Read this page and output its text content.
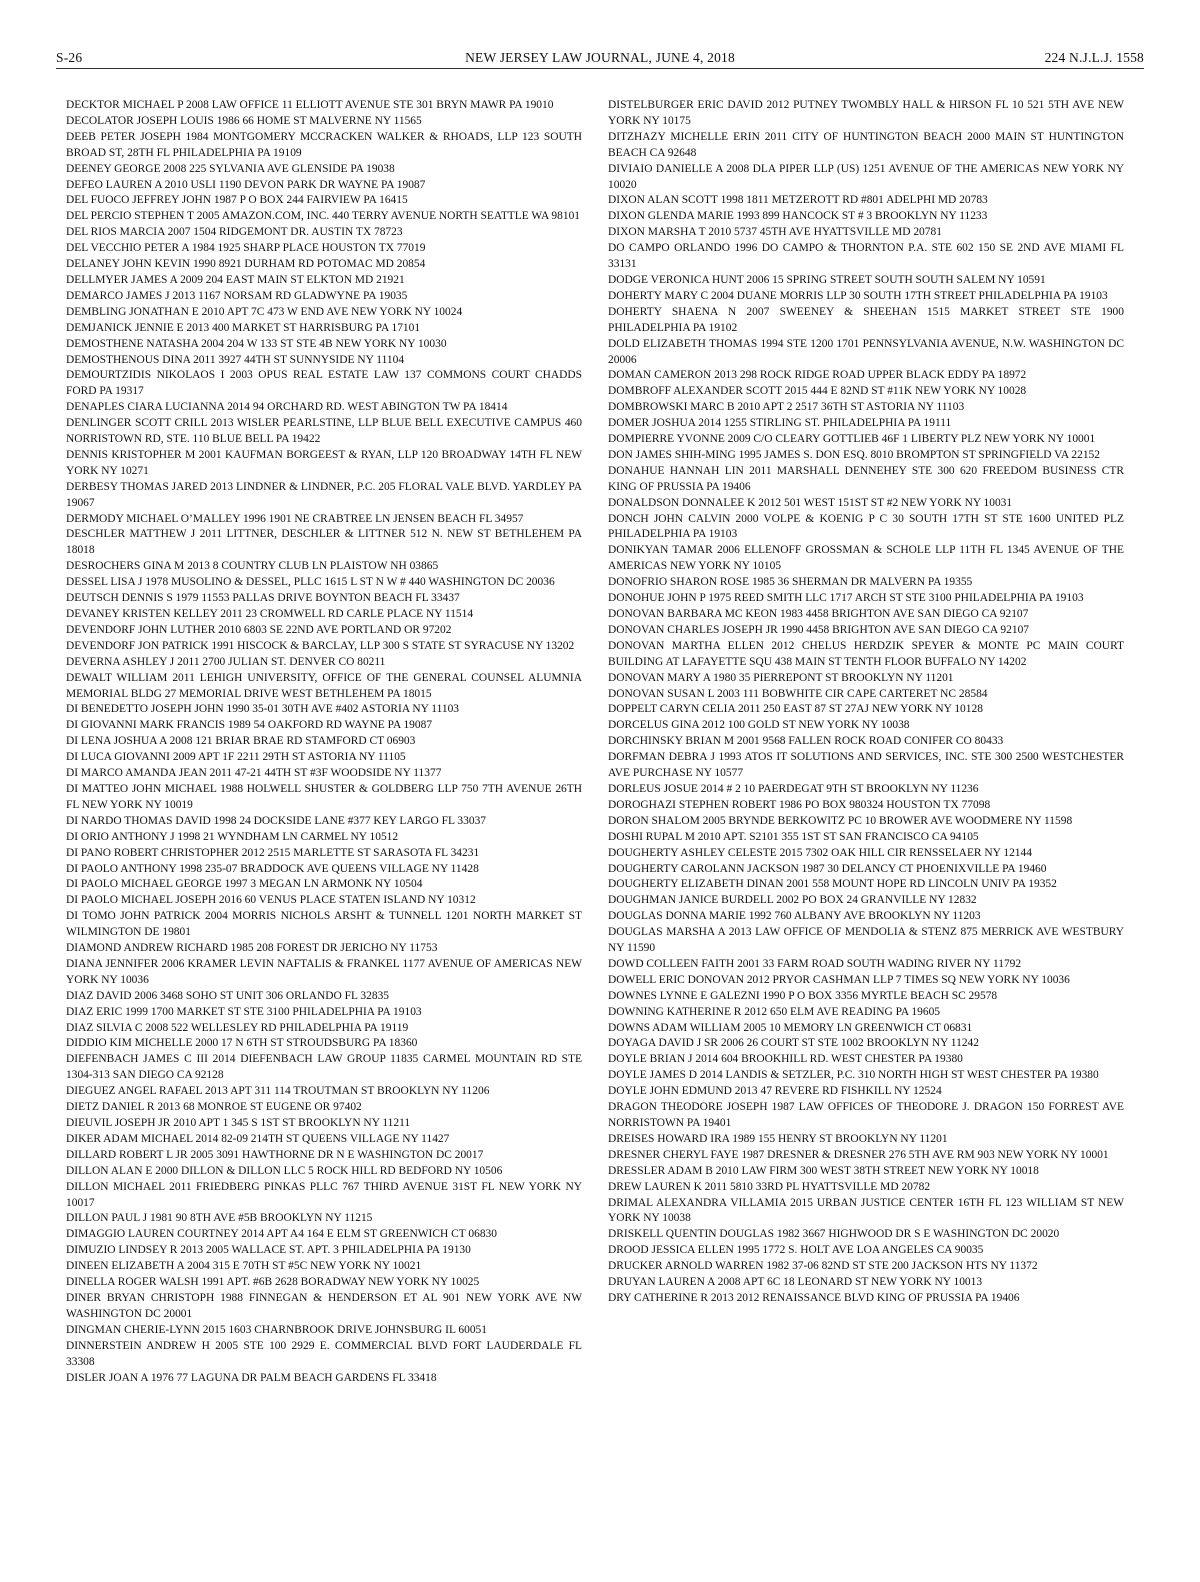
S-26	NEW JERSEY LAW JOURNAL, JUNE 4, 2018	224 N.J.L.J. 1558

DECKTOR MICHAEL P 2008 LAW OFFICE 11 ELLIOTT AVENUE STE 301 BRYN MAWR PA 19010

DECOLATOR JOSEPH LOUIS 1986 66 HOME ST MALVERNE NY 11565

DEEB PETER JOSEPH 1984 MONTGOMERY MCCRACKEN WALKER & RHOADS, LLP 123 SOUTH BROAD ST, 28TH FL PHILADELPHIA PA 19109

DEENEY GEORGE 2008 225 SYLVANIA AVE GLENSIDE PA 19038

DEFEO LAUREN A 2010 USLI 1190 DEVON PARK DR WAYNE PA 19087

DEL FUOCO JEFFREY JOHN 1987 P O BOX 244 FAIRVIEW PA 16415

DEL PERCIO STEPHEN T 2005 AMAZON.COM, INC. 440 TERRY AVENUE NORTH SEATTLE WA 98101

DEL RIOS MARCIA 2007 1504 RIDGEMONT DR. AUSTIN TX 78723

DEL VECCHIO PETER A 1984 1925 SHARP PLACE HOUSTON TX 77019

DELANEY JOHN KEVIN 1990 8921 DURHAM RD POTOMAC MD 20854

DELLMYER JAMES A 2009 204 EAST MAIN ST ELKTON MD 21921

DEMARCO JAMES J 2013 1167 NORSAM RD GLADWYNE PA 19035

DEMBLING JONATHAN E 2010 APT 7C 473 W END AVE NEW YORK NY 10024

DEMJANICK JENNIE E 2013 400 MARKET ST HARRISBURG PA 17101

DEMOSTHENE NATASHA 2004 204 W 133 ST STE 4B NEW YORK NY 10030

DEMOSTHENOUS DINA 2011 3927 44TH ST SUNNYSIDE NY 11104

DEMOURTZIDIS NIKOLAOS I 2003 OPUS REAL ESTATE LAW 137 COMMONS COURT CHADDS FORD PA 19317

DENAPLES CIARA LUCIANNA 2014 94 ORCHARD RD. WEST ABINGTON TW PA 18414

DENLINGER SCOTT CRILL 2013 WISLER PEARLSTINE, LLP BLUE BELL EXECUTIVE CAMPUS 460 NORRISTOWN RD, STE. 110 BLUE BELL PA 19422

DENNIS KRISTOPHER M 2001 KAUFMAN BORGEEST & RYAN, LLP 120 BROADWAY 14TH FL NEW YORK NY 10271

DERBESY THOMAS JARED 2013 LINDNER & LINDNER, P.C. 205 FLORAL VALE BLVD. YARDLEY PA 19067

DERMODY MICHAEL O’MALLEY 1996 1901 NE CRABTREE LN JENSEN BEACH FL 34957

DESCHLER MATTHEW J 2011 LITTNER, DESCHLER & LITTNER 512 N. NEW ST BETHLEHEM PA 18018

DESROCHERS GINA M 2013 8 COUNTRY CLUB LN PLAISTOW NH 03865

DESSEL LISA J 1978 MUSOLINO & DESSEL, PLLC 1615 L ST N W # 440 WASHINGTON DC 20036

DEUTSCH DENNIS S 1979 11553 PALLAS DRIVE BOYNTON BEACH FL 33437

DEVANEY KRISTEN KELLEY 2011 23 CROMWELL RD CARLE PLACE NY 11514

DEVENDORF JOHN LUTHER 2010 6803 SE 22ND AVE PORTLAND OR 97202

DEVENDORF JON PATRICK 1991 HISCOCK & BARCLAY, LLP 300 S STATE ST SYRACUSE NY 13202

DEVERNA ASHLEY J 2011 2700 JULIAN ST. DENVER CO 80211

DEWALT WILLIAM 2011 LEHIGH UNIVERSITY, OFFICE OF THE GENERAL COUNSEL ALUMNIA MEMORIAL BLDG 27 MEMORIAL DRIVE WEST BETHLEHEM PA 18015

DI BENEDETTO JOSEPH JOHN 1990 35-01 30TH AVE #402 ASTORIA NY 11103

DI GIOVANNI MARK FRANCIS 1989 54 OAKFORD RD WAYNE PA 19087

DI LENA JOSHUA A 2008 121 BRIAR BRAE RD STAMFORD CT 06903

DI LUCA GIOVANNI 2009 APT 1F 2211 29TH ST ASTORIA NY 11105

DI MARCO AMANDA JEAN 2011 47-21 44TH ST #3F WOODSIDE NY 11377

DI MATTEO JOHN MICHAEL 1988 HOLWELL SHUSTER & GOLDBERG LLP 750 7TH AVENUE 26TH FL NEW YORK NY 10019

DI NARDO THOMAS DAVID 1998 24 DOCKSIDE LANE #377 KEY LARGO FL 33037

DI ORIO ANTHONY J 1998 21 WYNDHAM LN CARMEL NY 10512

DI PANO ROBERT CHRISTOPHER 2012 2515 MARLETTE ST SARASOTA FL 34231

DI PAOLO ANTHONY 1998 235-07 BRADDOCK AVE QUEENS VILLAGE NY 11428

DI PAOLO MICHAEL GEORGE 1997 3 MEGAN LN ARMONK NY 10504

DI PAOLO MICHAEL JOSEPH 2016 60 VENUS PLACE STATEN ISLAND NY 10312

DI TOMO JOHN PATRICK 2004 MORRIS NICHOLS ARSHT & TUNNELL 1201 NORTH MARKET ST WILMINGTON DE 19801

DIAMOND ANDREW RICHARD 1985 208 FOREST DR JERICHO NY 11753

DIANA JENNIFER 2006 KRAMER LEVIN NAFTALIS & FRANKEL 1177 AVENUE OF AMERICAS NEW YORK NY 10036

DIAZ DAVID 2006 3468 SOHO ST UNIT 306 ORLANDO FL 32835

DIAZ ERIC 1999 1700 MARKET ST STE 3100 PHILADELPHIA PA 19103

DIAZ SILVIA C 2008 522 WELLESLEY RD PHILADELPHIA PA 19119

DIDDIO KIM MICHELLE 2000 17 N 6TH ST STROUDSBURG PA 18360

DIEFENBACH JAMES C III 2014 DIEFENBACH LAW GROUP 11835 CARMEL MOUNTAIN RD STE 1304-313 SAN DIEGO CA 92128

DIEGUEZ ANGEL RAFAEL 2013 APT 311 114 TROUTMAN ST BROOKLYN NY 11206

DIETZ DANIEL R 2013 68 MONROE ST EUGENE OR 97402

DIEUVIL JOSEPH JR 2010 APT 1 345 S 1ST ST BROOKLYN NY 11211

DIKER ADAM MICHAEL 2014 82-09 214TH ST QUEENS VILLAGE NY 11427

DILLARD ROBERT L JR 2005 3091 HAWTHORNE DR N E WASHINGTON DC 20017

DILLON ALAN E 2000 DILLON & DILLON LLC 5 ROCK HILL RD BEDFORD NY 10506

DILLON MICHAEL 2011 FRIEDBERG PINKAS PLLC 767 THIRD AVENUE 31ST FL NEW YORK NY 10017

DILLON PAUL J 1981 90 8TH AVE #5B BROOKLYN NY 11215

DIMAGGIO LAUREN COURTNEY 2014 APT A4 164 E ELM ST GREENWICH CT 06830

DIMUZIO LINDSEY R 2013 2005 WALLACE ST. APT. 3 PHILADELPHIA PA 19130

DINEEN ELIZABETH A 2004 315 E 70TH ST #5C NEW YORK NY 10021

DINELLA ROGER WALSH 1991 APT. #6B 2628 BORADWAY NEW YORK NY 10025

DINER BRYAN CHRISTOPH 1988 FINNEGAN & HENDERSON ET AL 901 NEW YORK AVE NW WASHINGTON DC 20001

DINGMAN CHERIE-LYNN 2015 1603 CHARNBROOK DRIVE JOHNSBURG IL 60051

DINNERSTEIN ANDREW H 2005 STE 100 2929 E. COMMERCIAL BLVD FORT LAUDERDALE FL 33308

DISLER JOAN A 1976 77 LAGUNA DR PALM BEACH GARDENS FL 33418

DISTELBURGER ERIC DAVID 2012 PUTNEY TWOMBLY HALL & HIRSON FL 10 521 5TH AVE NEW YORK NY 10175

DITZHAZY MICHELLE ERIN 2011 CITY OF HUNTINGTON BEACH 2000 MAIN ST HUNTINGTON BEACH CA 92648

DIVIAIO DANIELLE A 2008 DLA PIPER LLP (US) 1251 AVENUE OF THE AMERICAS NEW YORK NY 10020

DIXON ALAN SCOTT 1998 1811 METZEROTT RD #801 ADELPHI MD 20783

DIXON GLENDA MARIE 1993 899 HANCOCK ST # 3 BROOKLYN NY 11233

DIXON MARSHA T 2010 5737 45TH AVE HYATTSVILLE MD 20781

DO CAMPO ORLANDO 1996 DO CAMPO & THORNTON P.A. STE 602 150 SE 2ND AVE MIAMI FL 33131

DODGE VERONICA HUNT 2006 15 SPRING STREET SOUTH SOUTH SALEM NY 10591

DOHERTY MARY C 2004 DUANE MORRIS LLP 30 SOUTH 17TH STREET PHILADELPHIA PA 19103

DOHERTY SHAENA N 2007 SWEENEY & SHEEHAN 1515 MARKET STREET STE 1900 PHILADELPHIA PA 19102

DOLD ELIZABETH THOMAS 1994 STE 1200 1701 PENNSYLVANIA AVENUE, N.W. WASHINGTON DC 20006

DOMAN CAMERON 2013 298 ROCK RIDGE ROAD UPPER BLACK EDDY PA 18972

DOMBROFF ALEXANDER SCOTT 2015 444 E 82ND ST #11K NEW YORK NY 10028

DOMBROWSKI MARC B 2010 APT 2 2517 36TH ST ASTORIA NY 11103

DOMER JOSHUA 2014 1255 STIRLING ST. PHILADELPHIA PA 19111

DOMPIERRE YVONNE 2009 C/O CLEARY GOTTLIEB 46F 1 LIBERTY PLZ NEW YORK NY 10001

DON JAMES SHIH-MING 1995 JAMES S. DON ESQ. 8010 BROMPTON ST SPRINGFIELD VA 22152

DONAHUE HANNAH LIN 2011 MARSHALL DENNEHEY STE 300 620 FREEDOM BUSINESS CTR KING OF PRUSSIA PA 19406

DONALDSON DONNALEE K 2012 501 WEST 151ST ST #2 NEW YORK NY 10031

DONCH JOHN CALVIN 2000 VOLPE & KOENIG P C 30 SOUTH 17TH ST STE 1600 UNITED PLZ PHILADELPHIA PA 19103

DONIKYAN TAMAR 2006 ELLENOFF GROSSMAN & SCHOLE LLP 11TH FL 1345 AVENUE OF THE AMERICAS NEW YORK NY 10105

DONOFRIO SHARON ROSE 1985 36 SHERMAN DR MALVERN PA 19355

DONOHUE JOHN P 1975 REED SMITH LLC 1717 ARCH ST STE 3100 PHILADELPHIA PA 19103

DONOVAN BARBARA MC KEON 1983 4458 BRIGHTON AVE SAN DIEGO CA 92107

DONOVAN CHARLES JOSEPH JR 1990 4458 BRIGHTON AVE SAN DIEGO CA 92107

DONOVAN MARTHA ELLEN 2012 CHELUS HERDZIK SPEYER & MONTE PC MAIN COURT BUILDING AT LAFAYETTE SQU 438 MAIN ST TENTH FLOOR BUFFALO NY 14202

DONOVAN MARY A 1980 35 PIERREPONT ST BROOKLYN NY 11201

DONOVAN SUSAN L 2003 111 BOBWHITE CIR CAPE CARTERET NC 28584

DOPPELT CARYN CELIA 2011 250 EAST 87 ST 27AJ NEW YORK NY 10128

DORCELUS GINA 2012 100 GOLD ST NEW YORK NY 10038

DORCHINSKY BRIAN M 2001 9568 FALLEN ROCK ROAD CONIFER CO 80433

DORFMAN DEBRA J 1993 ATOS IT SOLUTIONS AND SERVICES, INC. STE 300 2500 WESTCHESTER AVE PURCHASE NY 10577

DORLEUS JOSUE 2014 # 2 10 PAERDEGAT 9TH ST BROOKLYN NY 11236

DOROGHAZI STEPHEN ROBERT 1986 PO BOX 980324 HOUSTON TX 77098

DORON SHALOM 2005 BRYNDE BERKOWITZ PC 10 BROWER AVE WOODMERE NY 11598

DOSHI RUPAL M 2010 APT. S2101 355 1ST ST SAN FRANCISCO CA 94105

DOUGHERTY ASHLEY CELESTE 2015 7302 OAK HILL CIR RENSSELAER NY 12144

DOUGHERTY CAROLANN JACKSON 1987 30 DELANCY CT PHOENIXVILLE PA 19460

DOUGHERTY ELIZABETH DINAN 2001 558 MOUNT HOPE RD LINCOLN UNIV PA 19352

DOUGHMAN JANICE BURDELL 2002 PO BOX 24 GRANVILLE NY 12832

DOUGLAS DONNA MARIE 1992 760 ALBANY AVE BROOKLYN NY 11203

DOUGLAS MARSHA A 2013 LAW OFFICE OF MENDOLIA & STENZ 875 MERRICK AVE WESTBURY NY 11590

DOWD COLLEEN FAITH 2001 33 FARM ROAD SOUTH WADING RIVER NY 11792

DOWELL ERIC DONOVAN 2012 PRYOR CASHMAN LLP 7 TIMES SQ NEW YORK NY 10036

DOWNES LYNNE E GALEZNI 1990 P O BOX 3356 MYRTLE BEACH SC 29578

DOWNING KATHERINE R 2012 650 ELM AVE READING PA 19605

DOWNS ADAM WILLIAM 2005 10 MEMORY LN GREENWICH CT 06831

DOYAGA DAVID J SR 2006 26 COURT ST STE 1002 BROOKLYN NY 11242

DOYLE BRIAN J 2014 604 BROOKHILL RD. WEST CHESTER PA 19380

DOYLE JAMES D 2014 LANDIS & SETZLER, P.C. 310 NORTH HIGH ST WEST CHESTER PA 19380

DOYLE JOHN EDMUND 2013 47 REVERE RD FISHKILL NY 12524

DRAGON THEODORE JOSEPH 1987 LAW OFFICES OF THEODORE J. DRAGON 150 FORREST AVE NORRISTOWN PA 19401

DREISES HOWARD IRA 1989 155 HENRY ST BROOKLYN NY 11201

DRESNER CHERYL FAYE 1987 DRESNER & DRESNER 276 5TH AVE RM 903 NEW YORK NY 10001

DRESSLER ADAM B 2010 LAW FIRM 300 WEST 38TH STREET NEW YORK NY 10018

DREW LAUREN K 2011 5810 33RD PL HYATTSVILLE MD 20782

DRIMAL ALEXANDRA VILLAMIA 2015 URBAN JUSTICE CENTER 16TH FL 123 WILLIAM ST NEW YORK NY 10038

DRISKELL QUENTIN DOUGLAS 1982 3667 HIGHWOOD DR S E WASHINGTON DC 20020

DROOD JESSICA ELLEN 1995 1772 S. HOLT AVE LOA ANGELES CA 90035

DRUCKER ARNOLD WARREN 1982 37-06 82ND ST STE 200 JACKSON HTS NY 11372

DRUYAN LAUREN A 2008 APT 6C 18 LEONARD ST NEW YORK NY 10013

DRY CATHERINE R 2013 2012 RENAISSANCE BLVD KING OF PRUSSIA PA 19406
